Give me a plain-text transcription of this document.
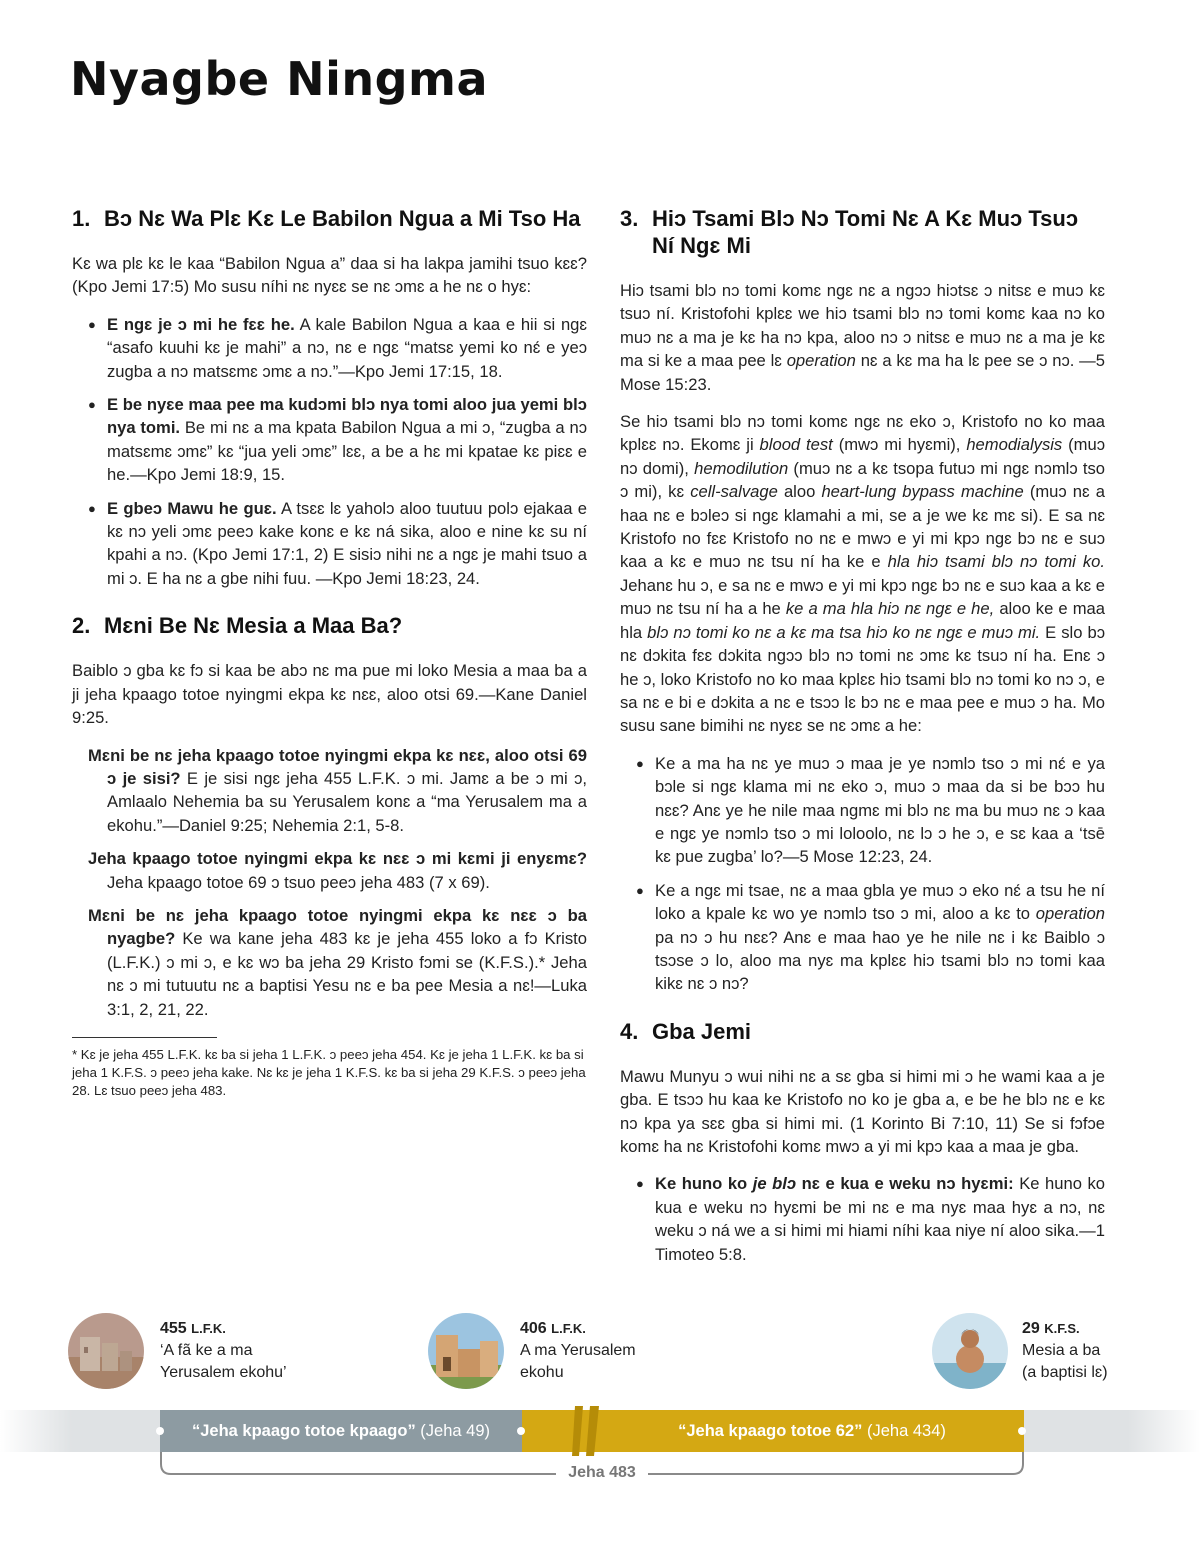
Nyagbe Ningma
1. Bɔ Nɛ Wa Plɛ Kɛ Le Babilon Ngua a Mi Tso Ha

Kɛ wa plɛ kɛ le kaa “Babilon Ngua a” daa si ha lakpa jamihi tsuo kɛɛ? (Kpo Jemi 17:5) Mo susu níhi nɛ nyɛɛ se nɛ ɔmɛ a he nɛ o hyɛ:

● E ngɛ je ɔ mi he fɛɛ he. A kale Babilon Ngua a kaa e hii si ngɛ “asafo kuuhi kɛ je mahi” a nɔ, nɛ e ngɛ “matsɛ yemi ko nɛ́ e yeɔ zugba a nɔ matsɛmɛ ɔmɛ a nɔ.”—Kpo Jemi 17:15, 18.
● E be nyɛe maa pee ma kudɔmi blɔ nya tomi aloo jua yemi blɔ nya tomi. Be mi nɛ a ma kpata Babilon Ngua a mi ɔ, “zugba a nɔ matsɛmɛ ɔmɛ” kɛ “jua yeli ɔmɛ” lɛɛ, a be a hɛ mi kpatae kɛ piɛɛ e he.—Kpo Jemi 18:9, 15.
● E gbeɔ Mawu he guɛ. A tsɛɛ lɛ yaholɔ aloo tuutuu polɔ ejakaa e kɛ nɔ yeli ɔmɛ peeɔ kake konɛ e kɛ ná sika, aloo e nine kɛ su ní kpahi a nɔ. (Kpo Jemi 17:1, 2) E sisiɔ nihi nɛ a ngɛ je mahi tsuo a mi ɔ. E ha nɛ a gbe nihi fuu. —Kpo Jemi 18:23, 24.
2. Mɛni Be Nɛ Mesia a Maa Ba?

Baiblo ɔ gba kɛ fɔ si kaa be abɔ nɛ ma pue mi loko Mesia a maa ba a ji jeha kpaago totoe nyingmi ekpa kɛ nɛɛ, aloo otsi 69.—Kane Daniel 9:25.

Mɛni be nɛ jeha kpaago totoe nyingmi ekpa kɛ nɛɛ, aloo otsi 69 ɔ je sisi? E je sisi ngɛ jeha 455 L.F.K. ɔ mi. Jamɛ a be ɔ mi ɔ, Amlaalo Nehemia ba su Yerusalem konɛ a “ma Yerusalem ma a ekohu.”—Daniel 9:25; Nehemia 2:1, 5-8.

Jeha kpaago totoe nyingmi ekpa kɛ nɛɛ ɔ mi kɛmi ji enyɛmɛ? Jeha kpaago totoe 69 ɔ tsuo peeɔ jeha 483 (7 x 69).

Mɛni be nɛ jeha kpaago totoe nyingmi ekpa kɛ nɛɛ ɔ ba nyagbe? Ke wa kane jeha 483 kɛ je jeha 455 loko a fɔ Kristo (L.F.K.) ɔ mi ɔ, e kɛ wɔ ba jeha 29 Kristo fɔmi se (K.F.S.).* Jeha nɛ ɔ mi tutuutu nɛ a baptisi Yesu nɛ e ba pee Mesia a nɛ!—Luka 3:1, 2, 21, 22.

* Kɛ je jeha 455 L.F.K. kɛ ba si jeha 1 L.F.K. ɔ peeɔ jeha 454. Kɛ je jeha 1 L.F.K. kɛ ba si jeha 1 K.F.S. ɔ peeɔ jeha kake. Nɛ kɛ je jeha 1 K.F.S. kɛ ba si jeha 29 K.F.S. ɔ peeɔ jeha 28. Lɛ tsuo peeɔ jeha 483.
3. Hiɔ Tsami Blɔ Nɔ Tomi Nɛ A Kɛ Muɔ Tsuɔ Ní Ngɛ Mi

Hiɔ tsami blɔ nɔ tomi komɛ ngɛ nɛ a ngɔɔ hiɔtsɛ ɔ nitsɛ e muɔ kɛ tsuɔ ní. Kristofohi kplɛɛ we hiɔ tsami blɔ nɔ tomi komɛ kaa nɔ ko muɔ nɛ a ma je kɛ ha nɔ kpa, aloo nɔ ɔ nitsɛ e muɔ nɛ a ma je kɛ ma si ke a maa pee lɛ operation nɛ a kɛ ma ha lɛ pee se ɔ nɔ. —5 Mose 15:23.

Se hiɔ tsami blɔ nɔ tomi komɛ ngɛ nɛ eko ɔ, Kristofo no ko maa kplɛɛ nɔ. Ekomɛ ji blood test (mwɔ mi hyɛmi), hemodialysis (muɔ nɔ domi), hemodilution (muɔ nɛ a kɛ tsopa futuɔ mi ngɛ nɔmlɔ tso ɔ mi), kɛ cell-salvage aloo heart-lung bypass machine (muɔ nɛ a haa nɛ e bɔleɔ si ngɛ klamahi a mi, se a je we kɛ mɛ si). E sa nɛ Kristofo no fɛɛ Kristofo no nɛ e mwɔ e yi mi kpɔ ngɛ bɔ nɛ e suɔ kaa a kɛ e muɔ nɛ tsu ní ha ke e hla hiɔ tsami blɔ nɔ tomi ko. Jehanɛ hu ɔ, e sa nɛ e mwɔ e yi mi kpɔ ngɛ bɔ nɛ e suɔ kaa a kɛ e muɔ nɛ tsu ní ha a he ke a ma hla hiɔ nɛ ngɛ e he, aloo ke e maa hla blɔ nɔ tomi ko nɛ a kɛ ma tsa hiɔ ko nɛ ngɛ e muɔ mi. E slo bɔ nɛ dɔkita fɛɛ dɔkita ngɔɔ blɔ nɔ tomi nɛ ɔmɛ kɛ tsuɔ ní ha. Enɛ ɔ he ɔ, loko Kristofo no ko maa kplɛɛ hiɔ tsami blɔ nɔ tomi ko nɔ ɔ, e sa nɛ e bi e dɔkita a nɛ e tsɔɔ lɛ bɔ nɛ e maa pee e muɔ ɔ ha. Mo susu sane bimihi nɛ nyɛɛ se nɛ ɔmɛ a he:

● Ke a ma ha nɛ ye muɔ ɔ maa je ye nɔmlɔ tso ɔ mi nɛ́ e ya bɔle si ngɛ klama mi nɛ eko ɔ, muɔ ɔ maa da si be bɔɔ hu nɛɛ? Anɛ ye he nile maa ngmɛ mi blɔ nɛ ma bu muɔ nɛ ɔ kaa e ngɛ ye nɔmlɔ tso ɔ mi loloolo, nɛ lɔ ɔ he ɔ, e sɛ kaa a ‘tsē kɛ pue zugba’ lo?—5 Mose 12:23, 24.
● Ke a ngɛ mi tsae, nɛ a maa gbla ye muɔ ɔ eko nɛ́ a tsu he ní loko a kpale kɛ wo ye nɔmlɔ tso ɔ mi, aloo a kɛ to operation pa nɔ ɔ hu nɛɛ? Anɛ e maa hao ye he nile nɛ i kɛ Baiblo ɔ tsɔse ɔ lo, aloo ma nyɛ ma kplɛɛ hiɔ tsami blɔ nɔ tomi kaa kikɛ nɛ ɔ nɔ?
4. Gba Jemi

Mawu Munyu ɔ wui nihi nɛ a sɛ gba si himi mi ɔ he wami kaa a je gba. E tsɔɔ hu kaa ke Kristofo no ko je gba a, e be he blɔ nɛ e kɛ nɔ kpa ya sɛɛ gba si himi mi. (1 Korinto Bi 7:10, 11) Se si fɔfɔe komɛ ha nɛ Kristofohi komɛ mwɔ a yi mi kpɔ kaa a maa je gba.

● Ke huno ko je blɔ nɛ e kua e weku nɔ hyɛmi: Ke huno ko kua e weku nɔ hyɛmi be mi nɛ e ma nyɛ maa hyɛ a nɔ, nɛ weku ɔ ná we a si himi mi hiami níhi kaa niye ní aloo sika.—1 Timoteo 5:8.
455 L.F.K.
‘A fã ke a ma
Yerusalem ekohu’
406 L.F.K.
A ma Yerusalem
ekohu
29 K.F.S.
Mesia a ba
(a baptisi lɛ)
“Jeha kpaago totoe kpaago” (Jeha 49)	“Jeha kpaago totoe 62” (Jeha 434)
Jeha 483
